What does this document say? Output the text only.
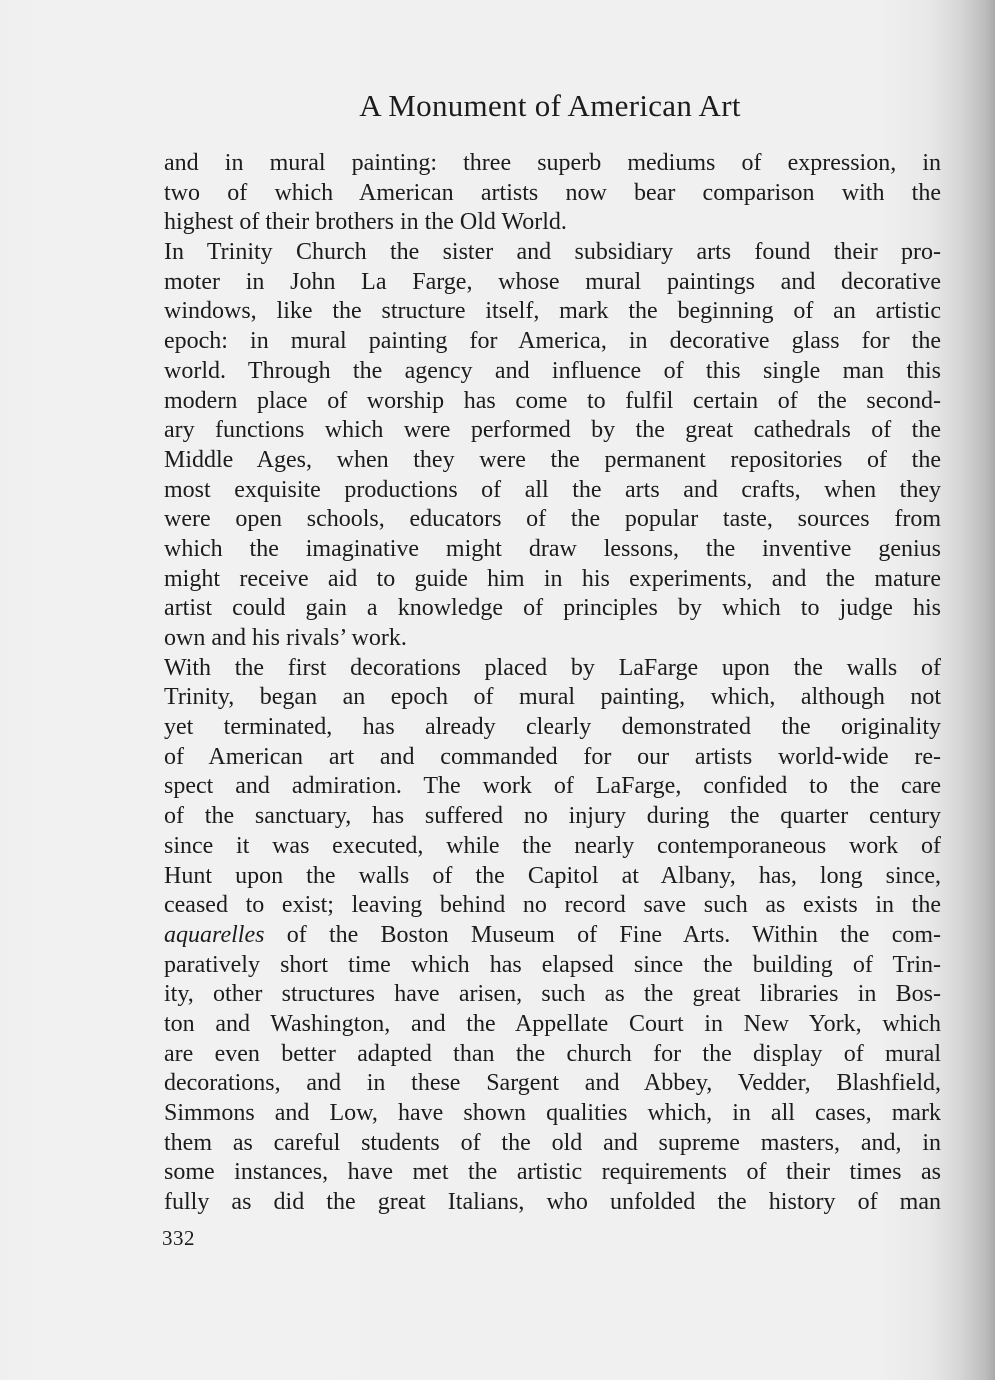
A Monument of American Art
and in mural painting: three superb mediums of expression, in
two of which American artists now bear comparison with the
highest of their brothers in the Old World.
In Trinity Church the sister and subsidiary arts found their pro-
moter in John La Farge, whose mural paintings and decorative
windows, like the structure itself, mark the beginning of an artistic
epoch: in mural painting for America, in decorative glass for the
world. Through the agency and influence of this single man this
modern place of worship has come to fulfil certain of the second-
ary functions which were performed by the great cathedrals of the
Middle Ages, when they were the permanent repositories of the
most exquisite productions of all the arts and crafts, when they
were open schools, educators of the popular taste, sources from
which the imaginative might draw lessons, the inventive genius
might receive aid to guide him in his experiments, and the mature
artist could gain a knowledge of principles by which to judge his
own and his rivals’ work.
With the first decorations placed by LaFarge upon the walls of
Trinity, began an epoch of mural painting, which, although not
yet terminated, has already clearly demonstrated the originality
of American art and commanded for our artists world-wide re-
spect and admiration. The work of LaFarge, confided to the care
of the sanctuary, has suffered no injury during the quarter century
since it was executed, while the nearly contemporaneous work of
Hunt upon the walls of the Capitol at Albany, has, long since,
ceased to exist; leaving behind no record save such as exists in the
aquarelles of the Boston Museum of Fine Arts. Within the com-
paratively short time which has elapsed since the building of Trin-
ity, other structures have arisen, such as the great libraries in Bos-
ton and Washington, and the Appellate Court in New York, which
are even better adapted than the church for the display of mural
decorations, and in these Sargent and Abbey, Vedder, Blashfield,
Simmons and Low, have shown qualities which, in all cases, mark
them as careful students of the old and supreme masters, and, in
some instances, have met the artistic requirements of their times as
fully as did the great Italians, who unfolded the history of man
332
